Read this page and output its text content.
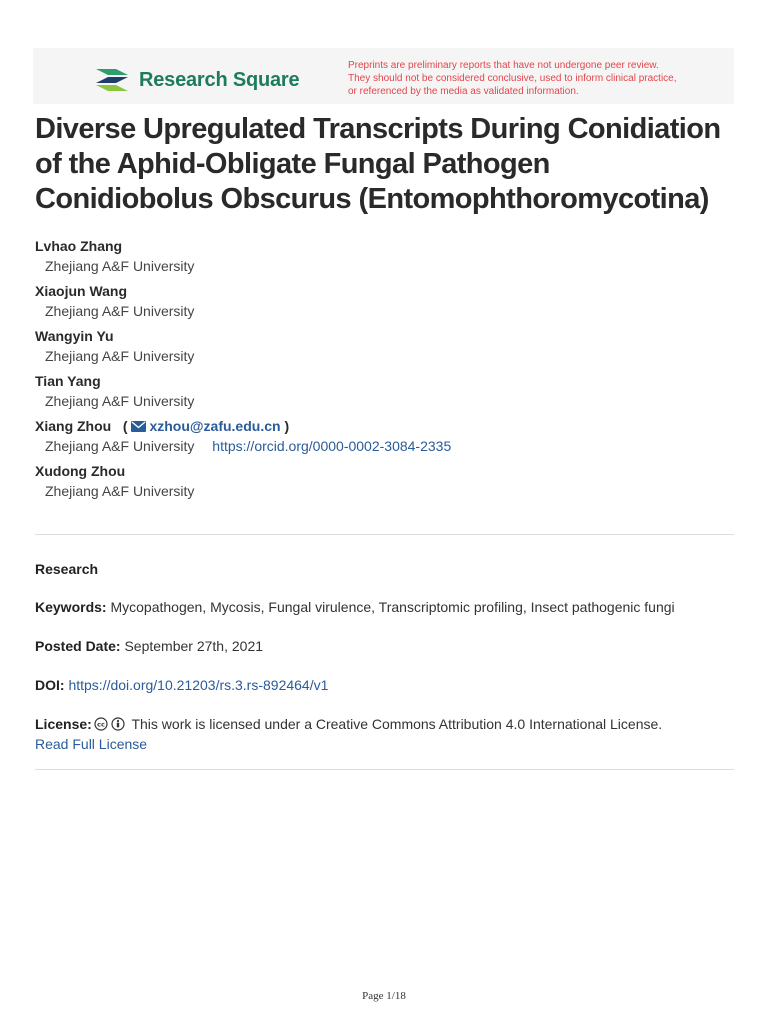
Research Square
Preprints are preliminary reports that have not undergone peer review.
They should not be considered conclusive, used to inform clinical practice,
or referenced by the media as validated information.
Diverse Upregulated Transcripts During Conidiation
of the Aphid-Obligate Fungal Pathogen
Conidiobolus Obscurus (Entomophthoromycotina)
Lvhao Zhang
Zhejiang A&F University
Xiaojun Wang
Zhejiang A&F University
Wangyin Yu
Zhejiang A&F University
Tian Yang
Zhejiang A&F University
Xiang Zhou   ( xzhou@zafu.edu.cn )
Zhejiang A&F University https://orcid.org/0000-0002-3084-2335
Xudong Zhou
Zhejiang A&F University
Research
Keywords: Mycopathogen, Mycosis, Fungal virulence, Transcriptomic profiling, Insect pathogenic fungi
Posted Date: September 27th, 2021
DOI: https://doi.org/10.21203/rs.3.rs-892464/v1
License: cc This work is licensed under a Creative Commons Attribution 4.0 International License.
Read Full License
Page 1/18
